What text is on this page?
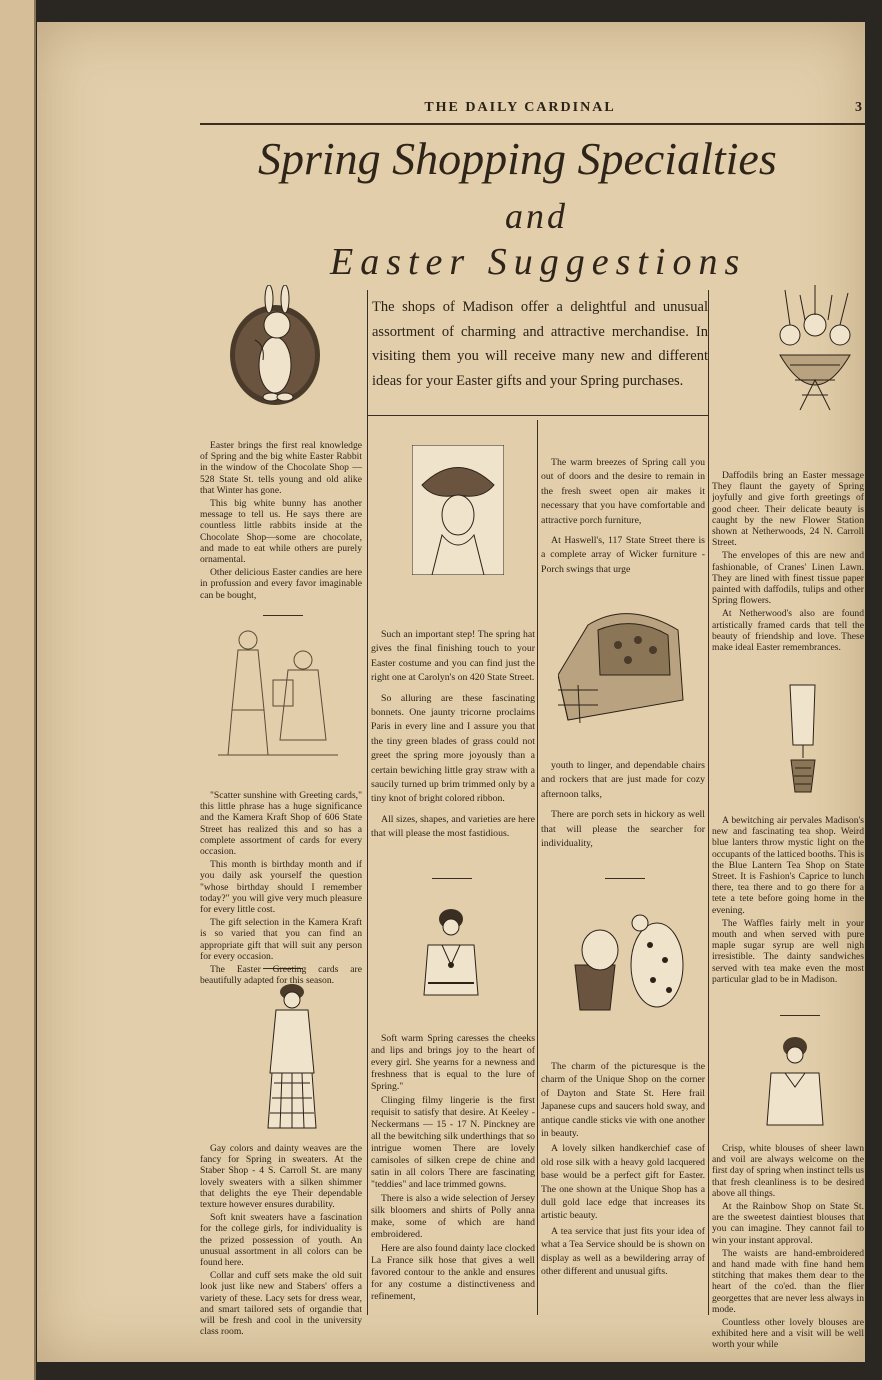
THE DAILY CARDINAL	3
Spring Shopping Specialties
and
Easter Suggestions
The shops of Madison offer a delightful and unusual assortment of charming and attractive merchandise. In visiting them you will receive many new and different ideas for your Easter gifts and your Spring purchases.

Easter brings the first real knowledge of Spring and the big white Easter Rabbit in the window of the Chocolate Shop —528 State St. tells young and old alike that Winter has gone.

This big white bunny has another message to tell us. He says there are countless little rabbits inside at the Chocolate Shop—some are chocolate, and made to eat while others are purely ornamental.

Other delicious Easter candies are here in profussion and every favor imaginable can be bought,

"Scatter sunshine with Greeting cards," this little phrase has a huge significance and the Kamera Kraft Shop of 606 State Street has realized this and so has a complete assortment of cards for every occasion.

This month is birthday month and if you daily ask yourself the question "whose birthday should I remember today?" you will give very much pleasure for every little cost.

The gift selection in the Kamera Kraft is so varied that you can find an appropriate gift that will suit any person for every occasion.

The Easter Greeting cards are beautifully adapted for this season.

Gay colors and dainty weaves are the fancy for Spring in sweaters. At the Staber Shop - 4 S. Carroll St. are many lovely sweaters with a silken shimmer that delights the eye Their dependable texture however ensures durability.

Soft knit sweaters have a fascination for the college girls, for individuality is the prized possession of youth. An unusual assortment in all colors can be found here.

Collar and cuff sets make the old suit look just like new and Stabers' offers a variety of these. Lacy sets for dress wear, and smart tailored sets of organdie that will be fresh and cool in the university class room.

Such an important step! The spring hat gives the final finishing touch to your Easter costume and you can find just the right one at Carolyn's on 420 State Street.

So alluring are these fascinating bonnets. One jaunty tricorne proclaims Paris in every line and I assure you that the tiny green blades of grass could not greet the spring more joyously than a certain bewiching little gray straw with a saucily turned up brim trimmed only by a tiny knot of bright colored ribbon.

All sizes, shapes, and varieties are here that will please the most fastidious.

Soft warm Spring caresses the cheeks and lips and brings joy to the heart of every girl. She yearns for a newness and freshness that is equal to the lure of Spring."

Clinging filmy lingerie is the first requisit to satisfy that desire. At Keeley - Neckermans — 15 - 17 N. Pinckney are all the bewitching silk underthings that so intrigue women There are lovely camisoles of silken crepe de chine and satin in all colors There are fascinating "teddies" and lace trimmed gowns.

There is also a wide selection of Jersey silk bloomers and shirts of Polly anna make, some of which are hand embroidered.

Here are also found dainty lace clocked La France silk hose that gives a well favored contour to the ankle and ensures for any costume a distinctiveness and refinement,

The warm breezes of Spring call you out of doors and the desire to remain in the fresh sweet open air makes it necessary that you have comfortable and attractive porch furniture,

At Haswell's, 117 State Street there is a complete array of Wicker furniture - Porch swings that urge

youth to linger, and dependable chairs and rockers that are just made for cozy afternoon talks,

There are porch sets in hickory as well that will please the searcher for individuality,

The charm of the picturesque is the charm of the Unique Shop on the corner of Dayton and State St. Here frail Japanese cups and saucers hold sway, and antique candle sticks vie with one another in beauty.

A lovely silken handkerchief case of old rose silk with a heavy gold lacquered base would be a perfect gift for Easter. The one shown at the Unique Shop has a dull gold lace edge that increases its artistic beauty.

A tea service that just fits your idea of what a Tea Service should be is shown on display as well as a bewildering array of other different and unusual gifts.

Daffodils bring an Easter message They flaunt the gayety of Spring joyfully and give forth greetings of good cheer. Their delicate beauty is caught by the new Flower Station shown at Netherwoods, 24 N. Carroll Street.

The envelopes of this are new and fashionable, of Cranes' Linen Lawn. They are lined with finest tissue paper painted with daffodils, tulips and other Spring flowers.

At Netherwood's also are found artistically framed cards that tell the beauty of friendship and love. These make ideal Easter remembrances.

A bewitching air pervales Madison's new and fascinating tea shop. Weird blue lanters throw mystic light on the occupants of the latticed booths. This is the Blue Lantern Tea Shop on State Street. It is Fashion's Caprice to lunch there, tea there and to go there for a tete a tete before going home in the evening.

The Waffles fairly melt in your mouth and when served with pure maple sugar syrup are well nigh irresistible. The dainty sandwiches served with tea make even the most particular glad to be in Madison.

Crisp, white blouses of sheer lawn and voil are always welcome on the first day of spring when instinct tells us that fresh cleanliness is to be desired above all things.

At the Rainbow Shop on State St. are the sweetest daintiest blouses that you can imagine. They cannot fail to win your instant approval.

The waists are hand-embroidered and hand made with fine hand hem stitching that makes them dear to the heart of the co'ed. than the flier georgettes that are never less always in mode.

Countless other lovely blouses are exhibited here and a visit will be well worth your while
